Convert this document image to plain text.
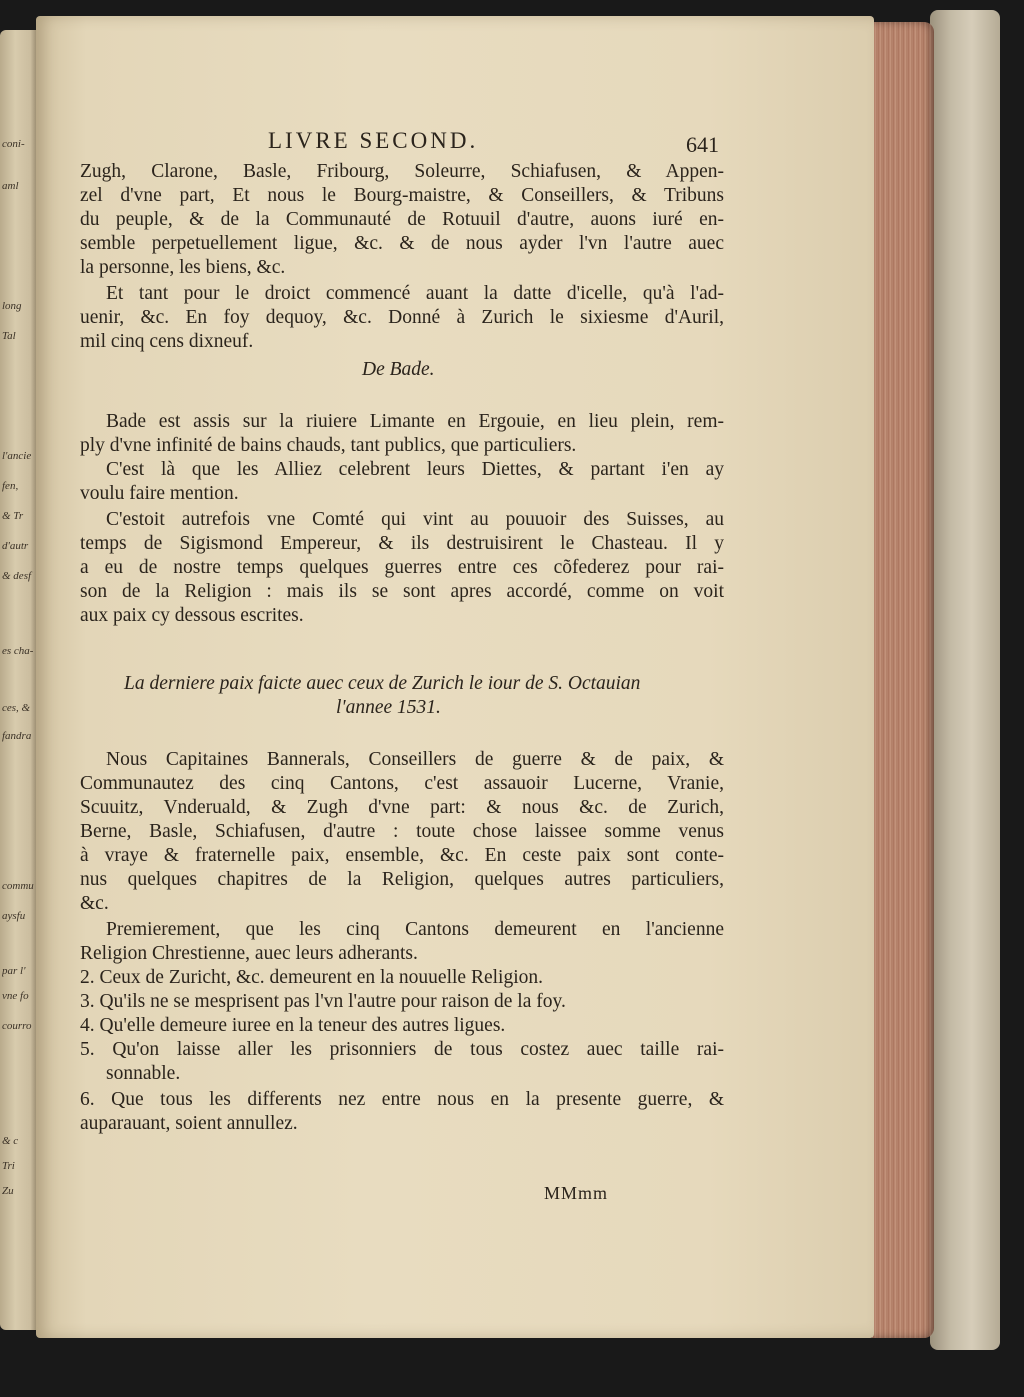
coni-
aml
long
Tal
l'ancie
fen,
& Tr
d'autr
& desf
es cha-
ces, &
fandra
commu
aysfu
par l'
vne fo
courro
& c
Tri
Zu
LIVRE SECOND.	641
Zugh, Clarone, Basle, Fribourg, Soleurre, Schiafusen, & Appen-
zel d'vne part, Et nous le Bourg-maistre, & Conseillers, & Tribuns
du peuple, & de la Communauté de Rotuuil d'autre, auons iuré en-
semble perpetuellement ligue, &c. & de nous ayder l'vn l'autre auec
la personne, les biens, &c.
Et tant pour le droict commencé auant la datte d'icelle, qu'à l'ad-
uenir, &c. En foy dequoy, &c. Donné à Zurich le sixiesme d'Auril,
mil cinq cens dixneuf.
De Bade.
Bade est assis sur la riuiere Limante en Ergouie, en lieu plein, rem-
ply d'vne infinité de bains chauds, tant publics, que particuliers.
C'est là que les Alliez celebrent leurs Diettes, & partant i'en ay
voulu faire mention.
C'estoit autrefois vne Comté qui vint au pouuoir des Suisses, au
temps de Sigismond Empereur, & ils destruisirent le Chasteau. Il y
a eu de nostre temps quelques guerres entre ces cõfederez pour rai-
son de la Religion : mais ils se sont apres accordé, comme on voit
aux paix cy dessous escrites.
La derniere paix faicte auec ceux de Zurich le iour de S. Octauian
l'annee 1531.
Nous Capitaines Bannerals, Conseillers de guerre & de paix, &
Communautez des cinq Cantons, c'est assauoir Lucerne, Vranie,
Scuuitz, Vnderuald, & Zugh d'vne part: & nous &c. de Zurich,
Berne, Basle, Schiafusen, d'autre : toute chose laissee somme venus
à vraye & fraternelle paix, ensemble, &c. En ceste paix sont conte-
nus quelques chapitres de la Religion, quelques autres particuliers,
&c.
Premierement, que les cinq Cantons demeurent en l'ancienne
Religion Chrestienne, auec leurs adherants.
2. Ceux de Zuricht, &c. demeurent en la nouuelle Religion.
3. Qu'ils ne se mesprisent pas l'vn l'autre pour raison de la foy.
4. Qu'elle demeure iuree en la teneur des autres ligues.
5. Qu'on laisse aller les prisonniers de tous costez auec taille rai-
sonnable.
6. Que tous les differents nez entre nous en la presente guerre, &
auparauant, soient annullez.
MMmm
